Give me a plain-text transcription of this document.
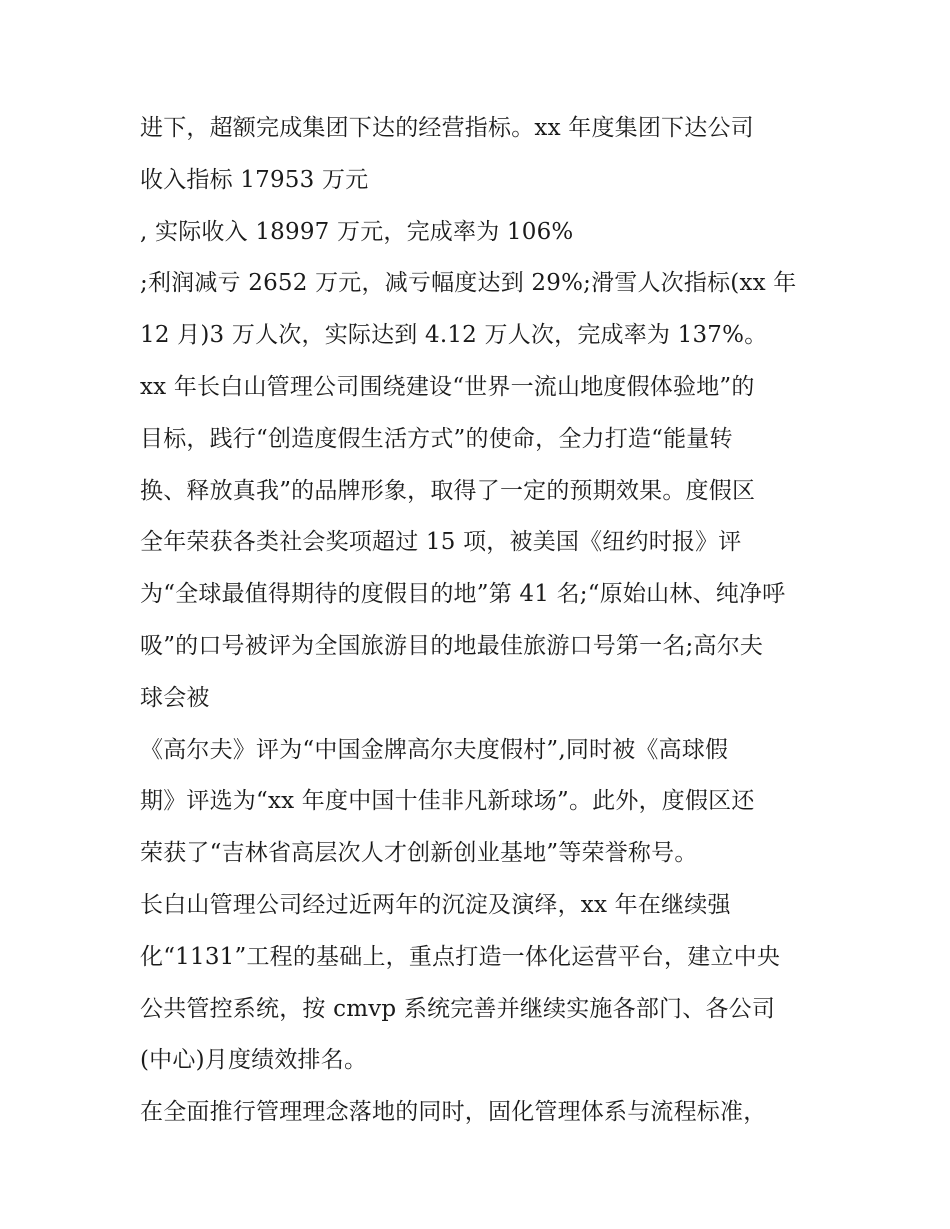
进下，超额完成集团下达的经营指标。xx 年度集团下达公司
收入指标 17953 万元
, 实际收入 18997 万元，完成率为 106%
;利润减亏 2652 万元，减亏幅度达到 29%;滑雪人次指标(xx 年
12 月)3 万人次，实际达到 4.12 万人次，完成率为 137%。
xx 年长白山管理公司围绕建设“世界一流山地度假体验地”的
目标，践行“创造度假生活方式”的使命，全力打造“能量转
换、释放真我”的品牌形象，取得了一定的预期效果。度假区
全年荣获各类社会奖项超过 15 项，被美国《纽约时报》评
为“全球最值得期待的度假目的地”第 41 名;“原始山林、纯净呼
吸”的口号被评为全国旅游目的地最佳旅游口号第一名;高尔夫
球会被
《高尔夫》评为“中国金牌高尔夫度假村”,同时被《高球假
期》评选为“xx 年度中国十佳非凡新球场”。此外，度假区还
荣获了“吉林省高层次人才创新创业基地”等荣誉称号。
长白山管理公司经过近两年的沉淀及演绎，xx 年在继续强
化“1131”工程的基础上，重点打造一体化运营平台，建立中央
公共管控系统，按 cmvp 系统完善并继续实施各部门、各公司
(中心)月度绩效排名。
在全面推行管理理念落地的同时，固化管理体系与流程标准，
